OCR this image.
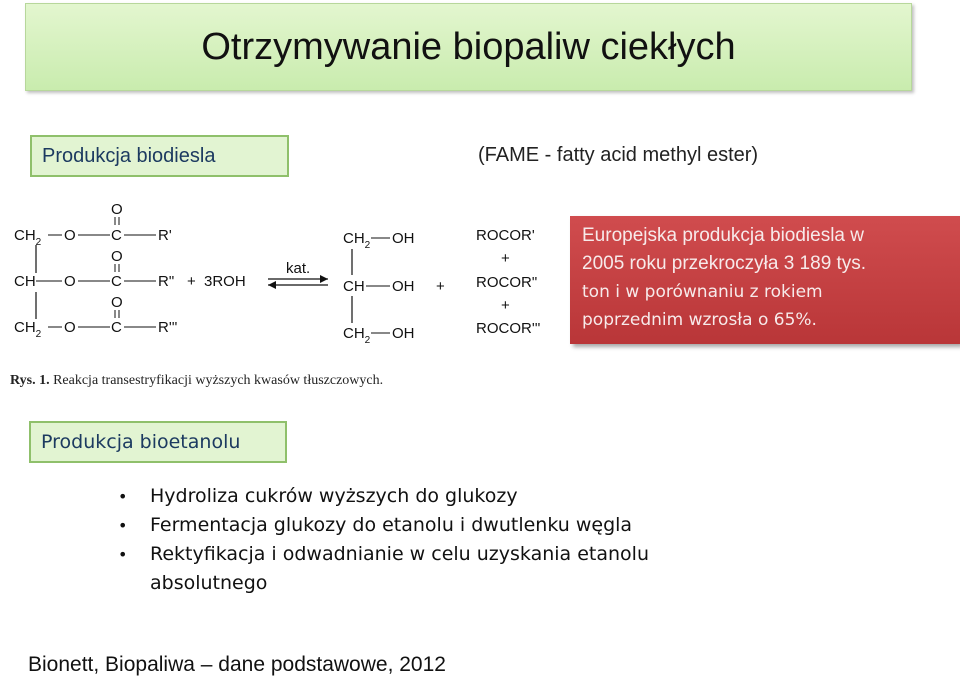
Otrzymywanie biopaliw ciekłych
Produkcja biodiesla	(FAME - fatty acid methyl ester)
$CH_2$
CH
$CH_2$
O C
O
R'
O C
O
R"
O C
O
R'''
+ 3ROH
kat.
$CH_2$ OH
CH OH
$CH_2$ OH
+
ROCOR'
+
ROCOR"
+
ROCOR'''
Europejska produkcja biodiesla w
2005 roku przekroczyła 3 189 tys.
ton i w porównaniu z rokiem
poprzednim wzrosła o 65%.
Rys. 1. Reakcja transestryfikacji wyższych kwasów tłuszczowych.
Produkcja bioetanolu
• Hydroliza cukrów wyższych do glukozy
• Fermentacja glukozy do etanolu i dwutlenku węgla
• Rektyfikacja i odwadnianie w celu uzyskania etanolu
absolutnego
Bionett, Biopaliwa – dane podstawowe, 2012
